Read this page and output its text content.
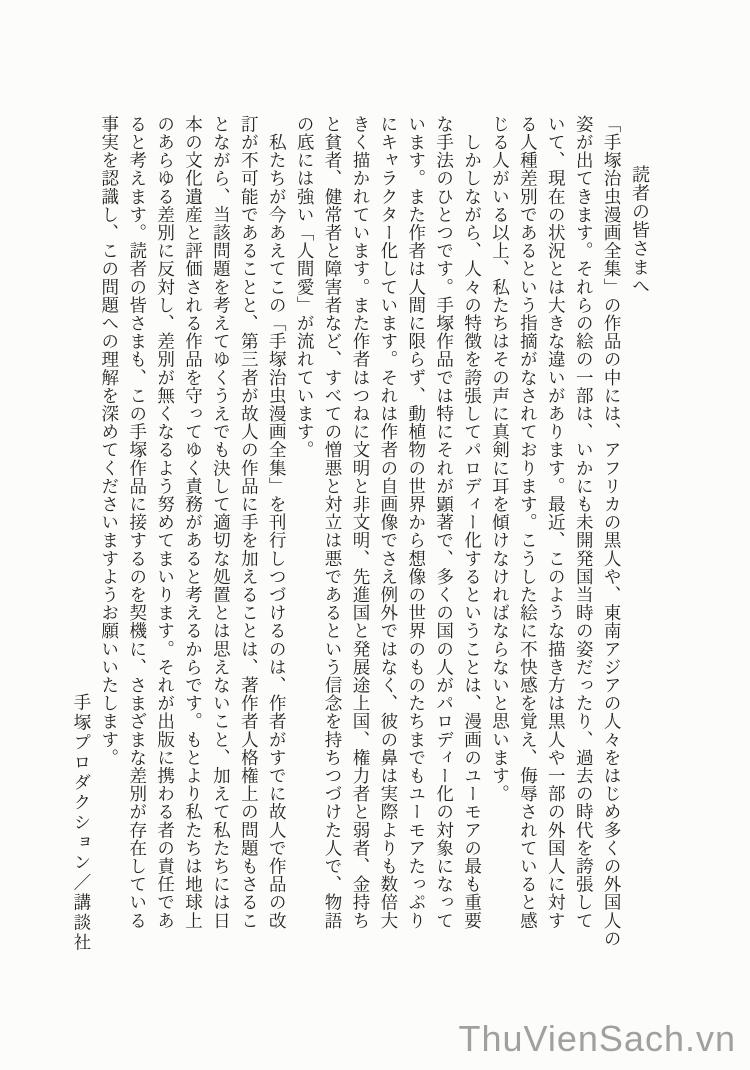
読者の皆さまへ
「手塚治虫漫画全集」の作品の中には、アフリカの黒人や、東南アジアの人々をはじめ多くの外国人の
姿が出てきます。それらの絵の一部は、いかにも未開発国当時の姿だったり、過去の時代を誇張して
いて、現在の状況とは大きな違いがあります。最近、このような描き方は黒人や一部の外国人に対す
る人種差別であるという指摘がなされております。こうした絵に不快感を覚え、侮辱されていると感
じる人がいる以上、私たちはその声に真剣に耳を傾けなければならないと思います。
　しかしながら、人々の特徴を誇張してパロディー化するということは、漫画のユーモアの最も重要
な手法のひとつです。手塚作品では特にそれが顕著で、多くの国の人がパロディー化の対象になって
います。また作者は人間に限らず、動植物の世界から想像の世界のものたちまでもユーモアたっぷり
にキャラクター化しています。それは作者の自画像でさえ例外ではなく、彼の鼻は実際よりも数倍大
きく描かれています。また作者はつねに文明と非文明、先進国と発展途上国、権力者と弱者、金持ち
と貧者、健常者と障害者など、すべての憎悪と対立は悪であるという信念を持ちつづけた人で、物語
の底には強い「人間愛」が流れています。
　私たちが今あえてこの「手塚治虫漫画全集」を刊行しつづけるのは、作者がすでに故人で作品の改
訂が不可能であることと、第三者が故人の作品に手を加えることは、著作者人格権上の問題もさるこ
とながら、当該問題を考えてゆくうえでも決して適切な処置とは思えないこと、加えて私たちには日
本の文化遺産と評価される作品を守ってゆく責務があると考えるからです。もとより私たちは地球上
のあらゆる差別に反対し、差別が無くなるよう努めてまいります。それが出版に携わる者の責任であ
ると考えます。読者の皆さまも、この手塚作品に接するのを契機に、さまざまな差別が存在している
事実を認識し、この問題への理解を深めてくださいますようお願いいたします。
手塚プロダクション／講談社
ThuVienSach.vn
